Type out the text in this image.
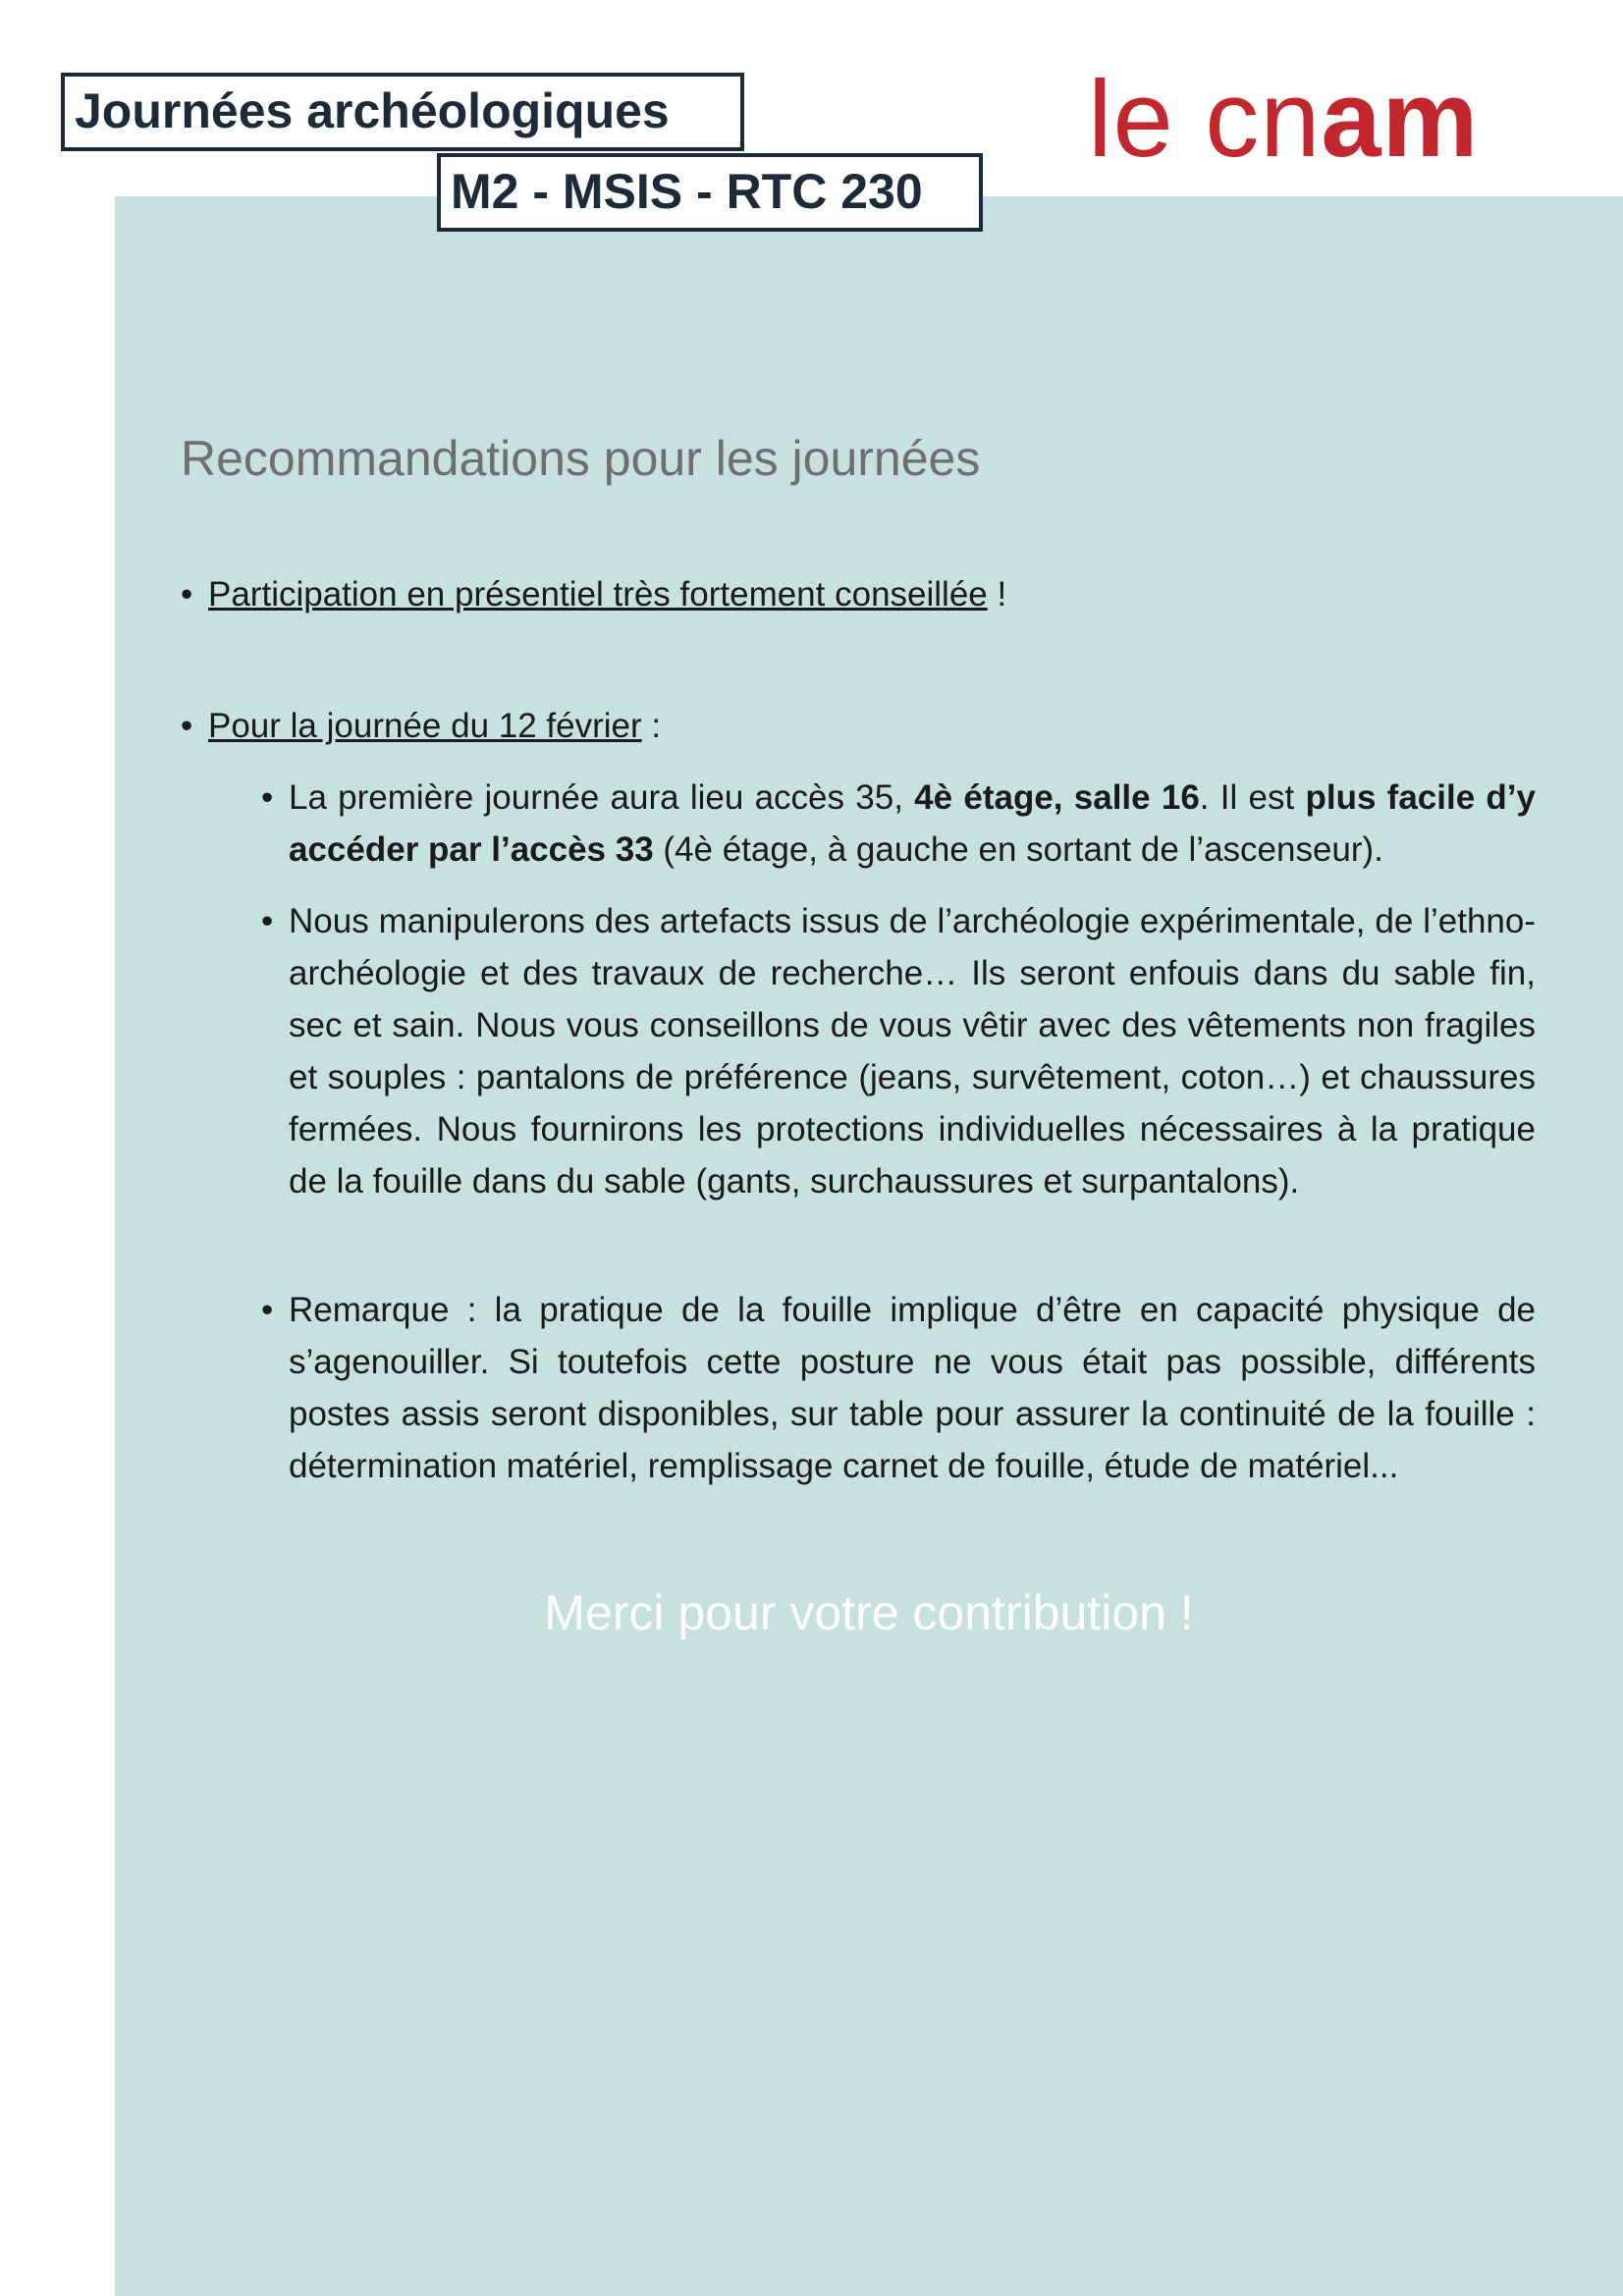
Journées archéologiques
M2 - MSIS - RTC 230
le cnam
Recommandations pour les journées
• Participation en présentiel très fortement conseillée !
• Pour la journée du 12 février :
• La première journée aura lieu accès 35, 4è étage, salle 16. Il est plus facile d’y accéder par l’accès 33 (4è étage, à gauche en sortant de l’ascenseur).
• Nous manipulerons des artefacts issus de l’archéologie expérimentale, de l’ethno-archéologie et des travaux de recherche… Ils seront enfouis dans du sable fin, sec et sain. Nous vous conseillons de vous vêtir avec des vêtements non fragiles et souples : pantalons de préférence (jeans, survêtement, coton…) et chaussures fermées. Nous fournirons les protections individuelles nécessaires à la pratique de la fouille dans du sable (gants, surchaussures et surpantalons).
• Remarque : la pratique de la fouille implique d’être en capacité physique de s’agenouiller. Si toutefois cette posture ne vous était pas possible, différents postes assis seront disponibles, sur table pour assurer la continuité de la fouille : détermination matériel, remplissage carnet de fouille, étude de matériel...
Merci pour votre contribution !
